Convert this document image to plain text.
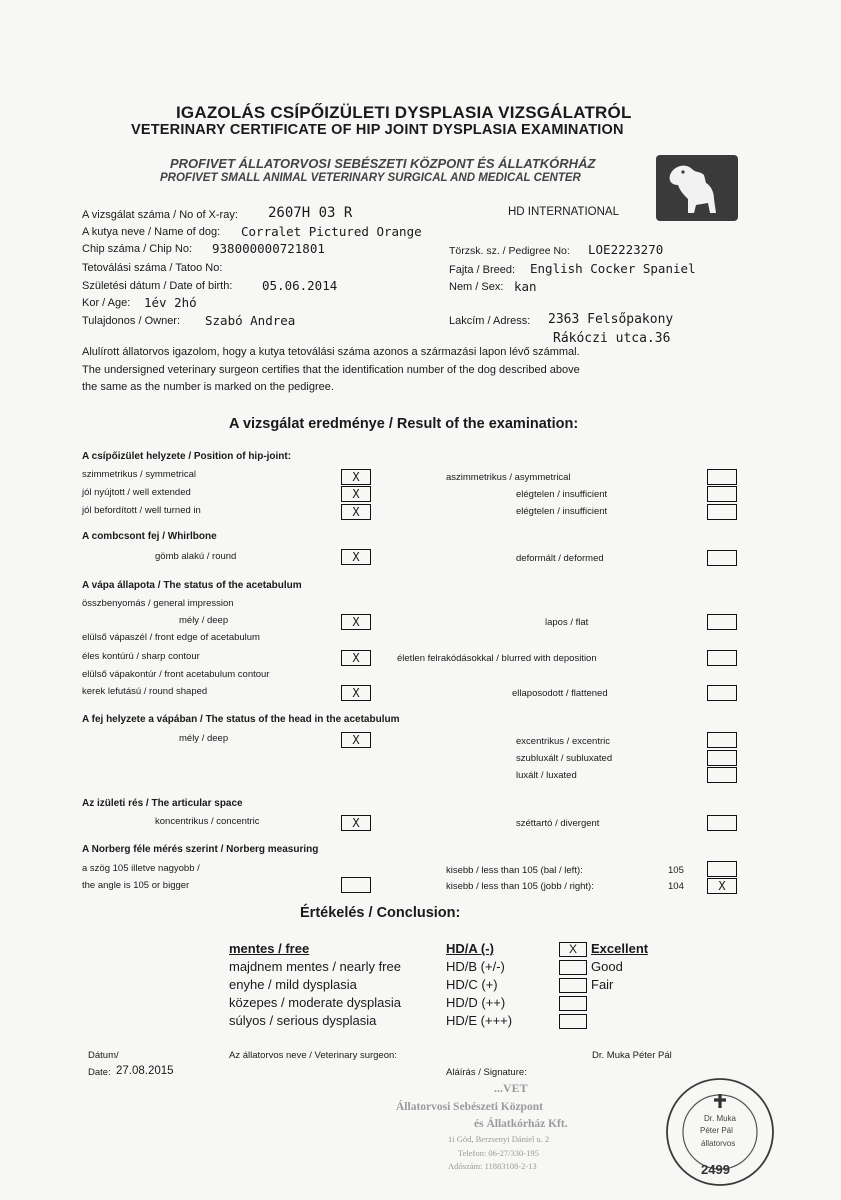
IGAZOLÁS CSÍPŐIZÜLETI DYSPLASIA VIZSGÁLATRÓL
VETERINARY CERTIFICATE OF HIP JOINT DYSPLASIA EXAMINATION
PROFIVET ÁLLATORVOSI SEBÉSZETI KÖZPONT ÉS ÁLLATKÓRHÁZ
PROFIVET SMALL ANIMAL VETERINARY SURGICAL AND MEDICAL CENTER
HD INTERNATIONAL
A vizsgálat száma / No of X-ray: 2607H 03 R
A kutya neve / Name of dog: Corralet Pictured Orange
Chip száma / Chip No: 938000000721801
Tetoválási száma / Tatoo No:
Születési dátum / Date of birth: 05.06.2014
Kor / Age: 1év 2hó
Tulajdonos / Owner: Szabó Andrea
Törzsk. sz. / Pedigree No: LOE2223270
Fajta / Breed: English Cocker Spaniel
Nem / Sex: kan
Lakcím / Adress: 2363 Felsőpakony
Rákóczi utca.36
Alulírott állatorvos igazolom, hogy a kutya tetoválási száma azonos a származási lapon lévő számmal.
The undersigned veterinary surgeon certifies that the identification number of the dog described above
the same as the number is marked on the pedigree.
A vizsgálat eredménye / Result of the examination:
A csípőizület helyzete / Position of hip-joint:
szimmetrikus / symmetrical	X	aszimmetrikus / asymmetrical
jól nyújtott / well extended	X	elégtelen / insufficient
jól befordított / well turned in	X	elégtelen / insufficient
A combcsont fej / Whirlbone
gömb alakú / round	X	deformált / deformed
A vápa állapota / The status of the acetabulum
összbenyomás / general impression
mély / deep	X	lapos / flat
elülső vápaszél / front edge of acetabulum
éles kontúrú / sharp contour	X	életlen felrakódásokkal / blurred with deposition
elülső vápakontúr / front acetabulum contour
kerek lefutású / round shaped	X	ellaposodott / flattened
A fej helyzete a vápában / The status of the head in the acetabulum
mély / deep	X	excentrikus / excentric
szubluxált / subluxated
luxált / luxated
Az izületi rés / The articular space
koncentrikus / concentric	X	széttartó / divergent
A Norberg féle mérés szerint / Norberg measuring
a szög 105 illetve nagyobb /
the angle is 105 or bigger
kisebb / less than 105 (bal / left):	105
kisebb / less than 105 (jobb / right):	104	X
Értékelés / Conclusion:
mentes / free	HD/A (-)	X	Excellent
majdnem mentes / nearly free	HD/B (+/-)	Good
enyhe / mild dysplasia	HD/C (+)	Fair
közepes / moderate dysplasia	HD/D (++)
súlyos / serious dysplasia	HD/E (+++)
Dátum/
Date: 27.08.2015
Az állatorvos neve / Veterinary surgeon:	Dr. Muka Péter Pál
Aláírás / Signature:
...VET
Állatorvosi Sebészeti Központ
és Állatkórház Kft.
1i Göd, Berzsenyi Dániel u. 2
Telefon: 06-27/330-195
Adószám: 11883108-2-13
Dr. Muka
Péter Pál
állatorvos
2499
